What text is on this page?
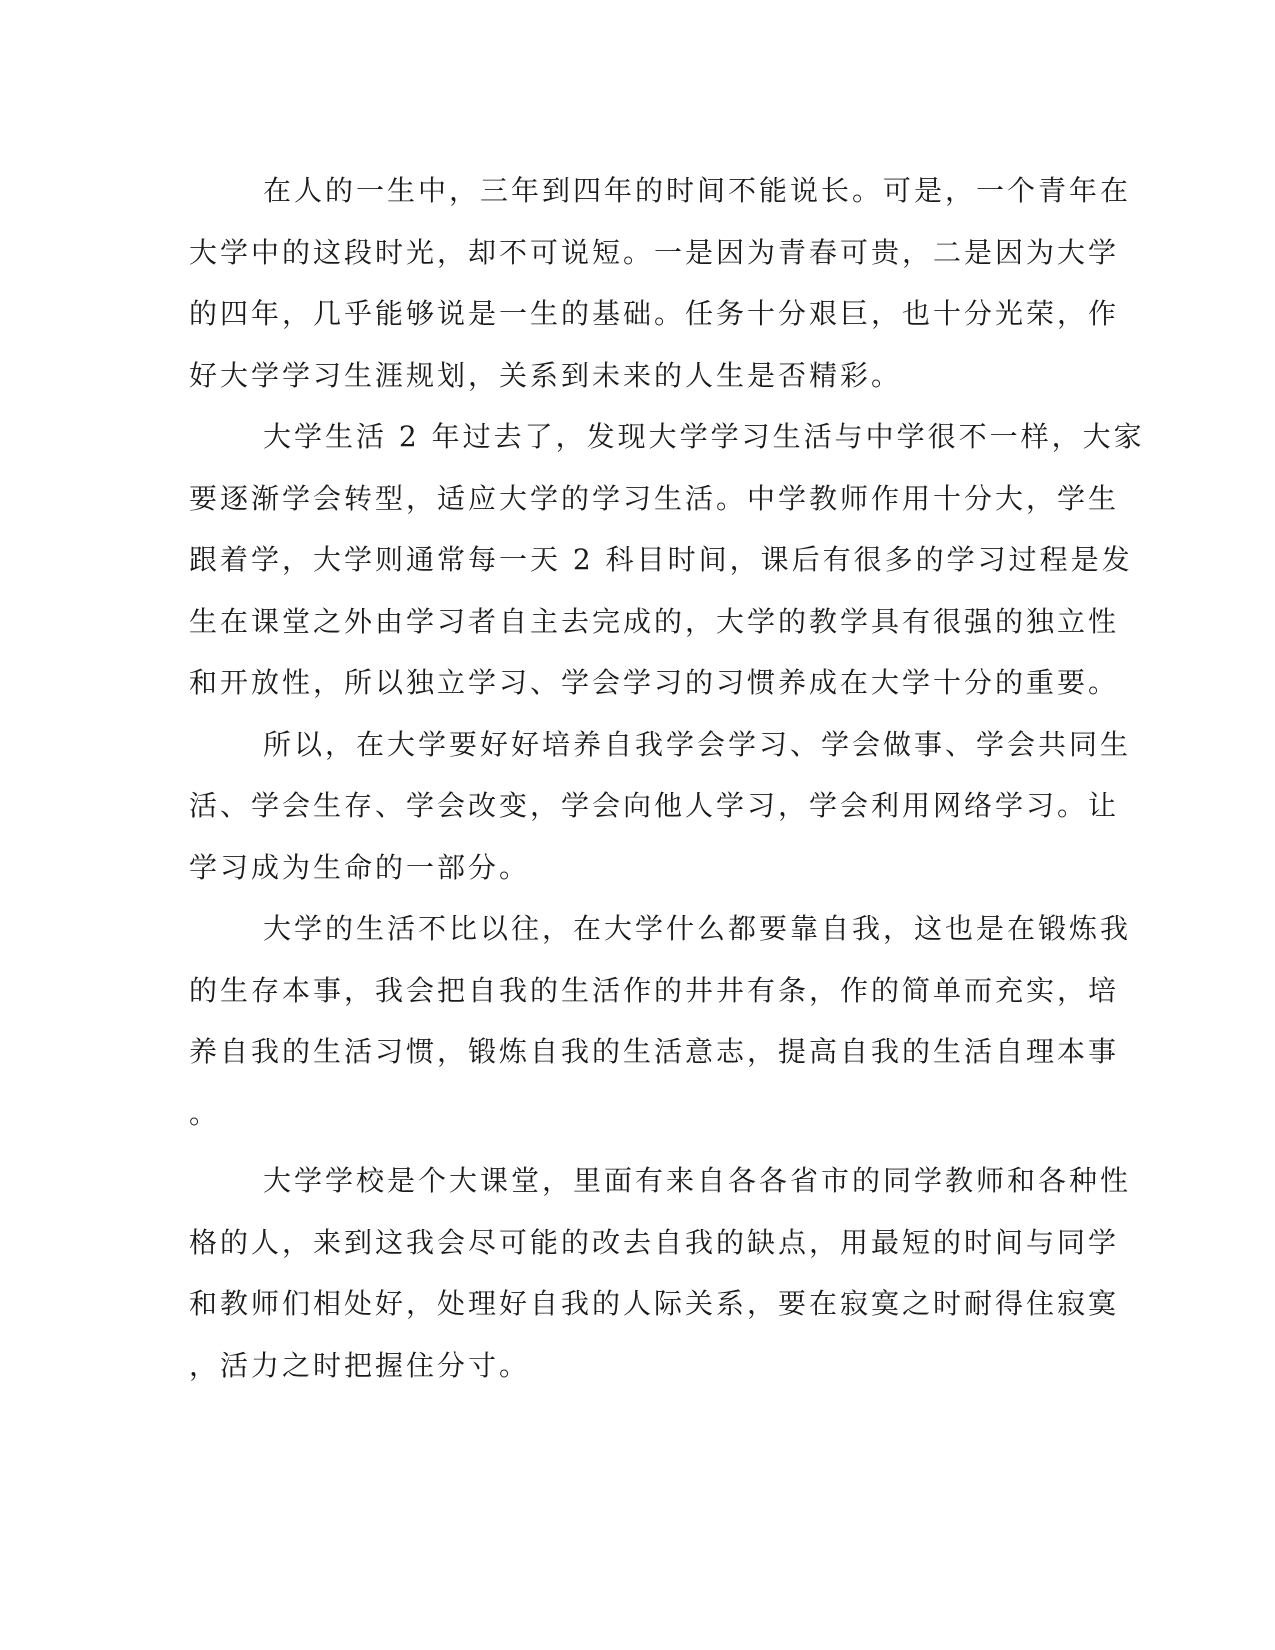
在人的一生中，三年到四年的时间不能说长。可是，一个青年在
大学中的这段时光，却不可说短。一是因为青春可贵，二是因为大学
的四年，几乎能够说是一生的基础。任务十分艰巨，也十分光荣，作
好大学学习生涯规划，关系到未来的人生是否精彩。
大学生活 2 年过去了，发现大学学习生活与中学很不一样，大家
要逐渐学会转型，适应大学的学习生活。中学教师作用十分大，学生
跟着学，大学则通常每一天 2 科目时间，课后有很多的学习过程是发
生在课堂之外由学习者自主去完成的，大学的教学具有很强的独立性
和开放性，所以独立学习、学会学习的习惯养成在大学十分的重要。
所以，在大学要好好培养自我学会学习、学会做事、学会共同生
活、学会生存、学会改变，学会向他人学习，学会利用网络学习。让
学习成为生命的一部分。
大学的生活不比以往，在大学什么都要靠自我，这也是在锻炼我
的生存本事，我会把自我的生活作的井井有条，作的简单而充实，培
养自我的生活习惯，锻炼自我的生活意志，提高自我的生活自理本事
。
大学学校是个大课堂，里面有来自各各省市的同学教师和各种性
格的人，来到这我会尽可能的改去自我的缺点，用最短的时间与同学
和教师们相处好，处理好自我的人际关系，要在寂寞之时耐得住寂寞
，活力之时把握住分寸。
